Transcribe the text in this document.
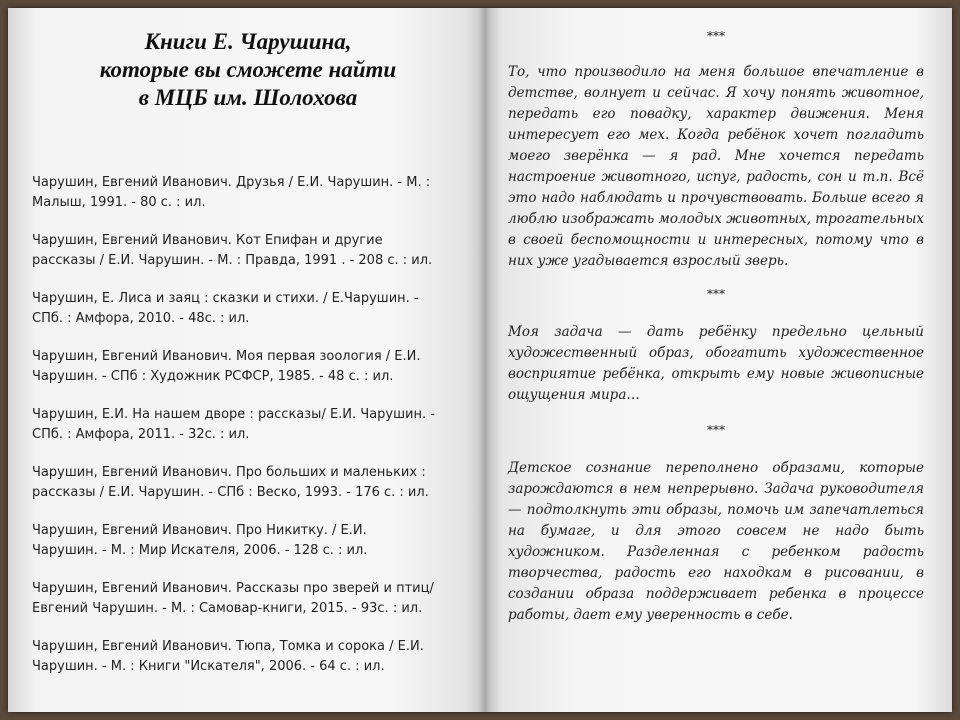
Книги Е. Чарушина,
которые вы сможете найти
в МЦБ им. Шолохова
Чарушин, Евгений Иванович. Друзья / Е.И. Чарушин. - М. :
Малыш, 1991. - 80 с. : ил.
Чарушин, Евгений Иванович. Кот Епифан и другие
рассказы / Е.И. Чарушин. - М. : Правда, 1991 . - 208 с. : ил.
Чарушин, Е. Лиса и заяц : сказки и стихи. / Е.Чарушин. -
СПб. : Амфора, 2010. - 48с. : ил.
Чарушин, Евгений Иванович. Моя первая зоология / Е.И.
Чарушин. - СПб : Художник РСФСР, 1985. - 48 с. : ил.
Чарушин, Е.И. На нашем дворе : рассказы/ Е.И. Чарушин. -
СПб. : Амфора, 2011. - 32с. : ил.
Чарушин, Евгений Иванович. Про больших и маленьких :
рассказы / Е.И. Чарушин. - СПб : Веско, 1993. - 176 с. : ил.
Чарушин, Евгений Иванович. Про Никитку. / Е.И.
Чарушин. - М. : Мир Искателя, 2006. - 128 с. : ил.
Чарушин, Евгений Иванович. Рассказы про зверей и птиц/
Евгений Чарушин. - М. : Самовар-книги, 2015. - 93с. : ил.
Чарушин, Евгений Иванович. Тюпа, Томка и сорока / Е.И.
Чарушин. - М. : Книги "Искателя", 2006. - 64 с. : ил.
***
То, что производило на меня большое впечатление в детстве, волнует и сейчас. Я хочу понять животное, передать его повадку, характер движения. Меня интересует его мех. Когда ребёнок хочет погладить моего зверёнка — я рад. Мне хочется передать настроение животного, испуг, радость, сон и т.п. Всё это надо наблюдать и прочувствовать. Больше всего я люблю изображать молодых животных, трогательных в своей беспомощности и интересных, потому что в них уже угадывается взрослый зверь.
***
Моя задача — дать ребёнку предельно цельный художественный образ, обогатить художественное восприятие ребёнка, открыть ему новые живописные ощущения мира…
***
Детское сознание переполнено образами, которые зарождаются в нем непрерывно. Задача руководителя — подтолкнуть эти образы, помочь им запечатлеться на бумаге, и для этого совсем не надо быть художником. Разделенная с ребенком радость творчества, радость его находкам в рисовании, в создании образа поддерживает ребенка в процессе работы, дает ему уверенность в себе.
